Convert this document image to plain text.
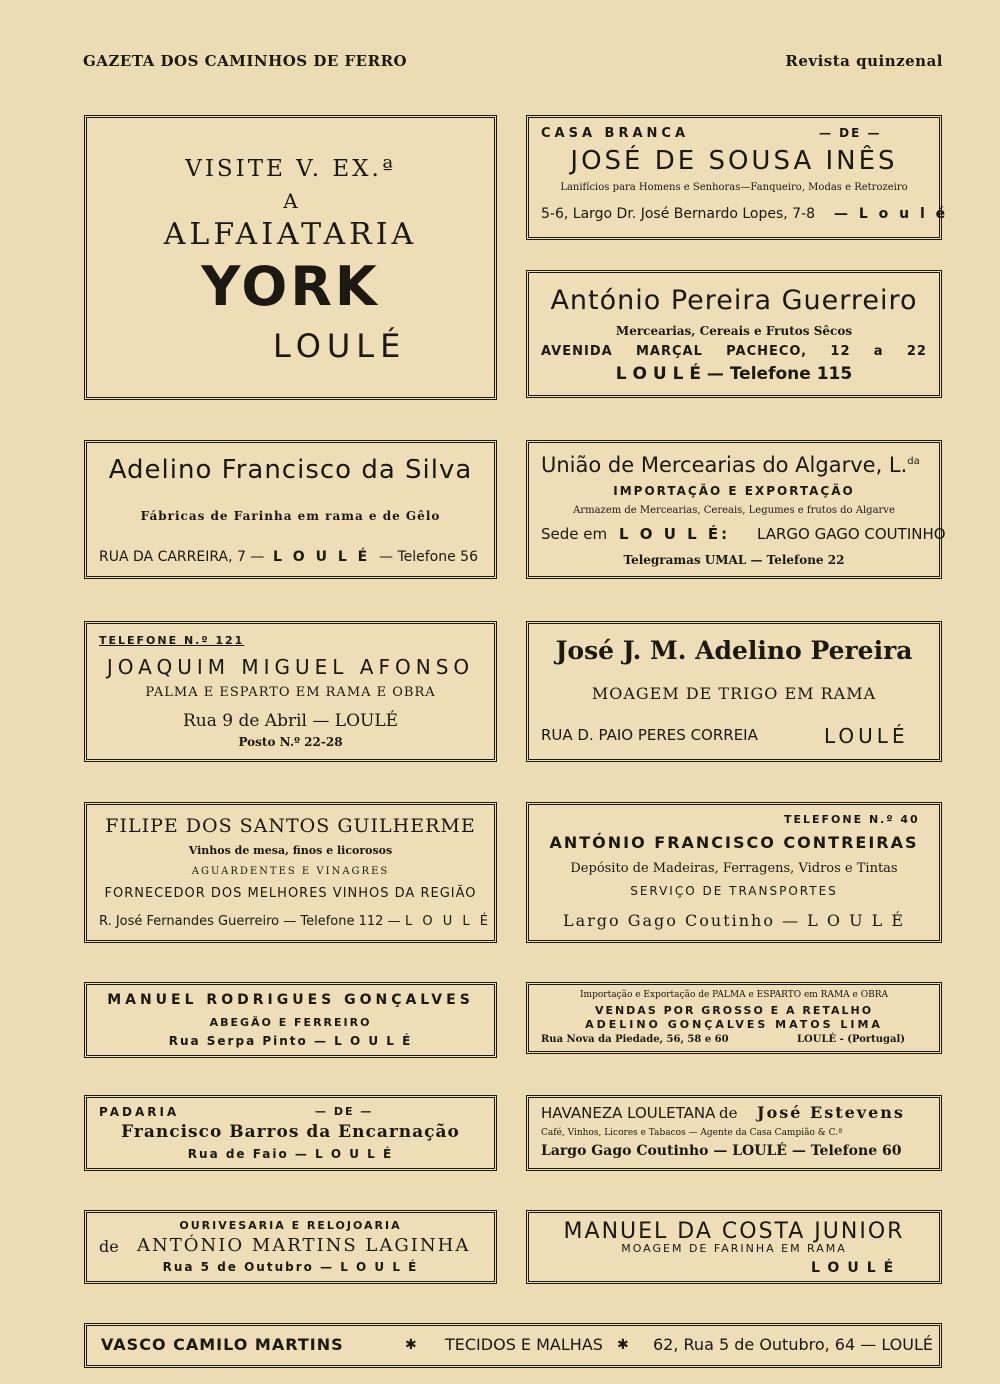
GAZETA DOS CAMINHOS DE FERRO	Revista quinzenal
VISITE V. EX.ª
A
ALFAIATARIA
YORK
LOULÉ
CASA BRANCA	— DE —
JOSÉ DE SOUSA INÊS
Lanifícios para Homens e Senhoras—Fanqueiro, Modas e Retrozeiro
5-6, Largo Dr. José Bernardo Lopes, 7-8	— L o u l é
António Pereira Guerreiro
Mercearias, Cereais e Frutos Sêcos
AVENIDA MARÇAL PACHECO, 12 a 22
L O U L É — Telefone 115
Adelino Francisco da Silva
Fábricas de Farinha em rama e de Gêlo
RUA DA CARREIRA, 7 — L O U L É — Telefone 56
União de Mercearias do Algarve, L.$^{da}$
IMPORTAÇÃO E EXPORTAÇÃO
Armazem de Mercearias, Cereais, Legumes e frutos do Algarve
Sede em L O U L É:	LARGO GAGO COUTINHO
Telegramas UMAL — Telefone 22
TELEFONE N.º 121
JOAQUIM MIGUEL AFONSO
PALMA E ESPARTO EM RAMA E OBRA
Rua 9 de Abril — LOULÉ
Posto N.º 22-28
José J. M. Adelino Pereira
MOAGEM DE TRIGO EM RAMA
RUA D. PAIO PERES CORREIA	LOULÉ
FILIPE DOS SANTOS GUILHERME
Vinhos de mesa, finos e licorosos
AGUARDENTES E VINAGRES
FORNECEDOR DOS MELHORES VINHOS DA REGIÃO
R. José Fernandes Guerreiro — Telefone 112 — L O U L É
TELEFONE N.º 40
ANTÓNIO FRANCISCO CONTREIRAS
Depósito de Madeiras, Ferragens, Vidros e Tintas
SERVIÇO DE TRANSPORTES
Largo Gago Coutinho — L O U L É
MANUEL RODRIGUES GONÇALVES
ABEGÃO E FERREIRO
Rua Serpa Pinto — L O U L É
Importação e Exportação de PALMA e ESPARTO em RAMA e OBRA
VENDAS POR GROSSO E A RETALHO
ADELINO GONÇALVES MATOS LIMA
Rua Nova da Piedade, 56, 58 e 60	LOULÉ - (Portugal)
PADARIA	— DE —
Francisco Barros da Encarnação
Rua de Faio — L O U L É
HAVANEZA LOULETANA de	José Estevens
Café, Vinhos, Licores e Tabacos — Agente da Casa Campião & C.ª
Largo Gago Coutinho — LOULÉ — Telefone 60
OURIVESARIA E RELOJOARIA
de	ANTÓNIO MARTINS LAGINHA
Rua 5 de Outubro — L O U L É
MANUEL DA COSTA JUNIOR
MOAGEM DE FARINHA EM RAMA
LOULÉ
VASCO CAMILO MARTINS	✱	TECIDOS E MALHAS	✱	62, Rua 5 de Outubro, 64 — LOULÉ
